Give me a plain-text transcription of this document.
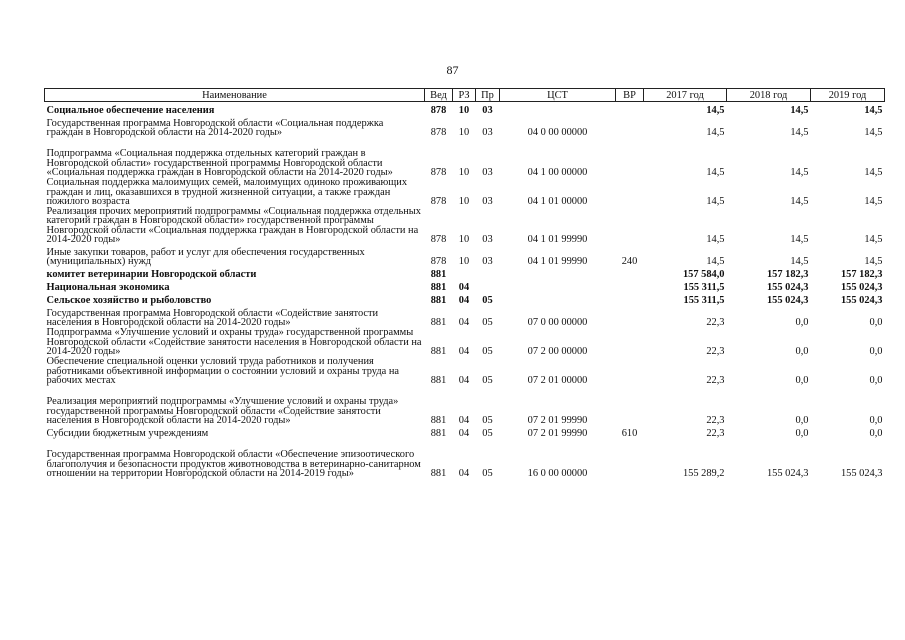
87
Наименование	Вед	РЗ	Пр	ЦСТ	ВР	2017 год	2018 год	2019 год
Социальное обеспечение населения	878	10	03			14,5	14,5	14,5
Государственная программа Новгородской области «Социальная поддержка граждан в Новгородской области на 2014-2020 годы»	878	10	03	04 0 00 00000		14,5	14,5	14,5
Подпрограмма «Социальная поддержка отдельных категорий граждан в Новгородской области» государственной программы Новгородской области «Социальная поддержка граждан в Новгородской области на 2014-2020 годы»	878	10	03	04 1 00 00000		14,5	14,5	14,5
Социальная поддержка малоимущих семей, малоимущих одиноко проживающих граждан и лиц, оказавшихся в трудной жизненной ситуации, а также граждан пожилого возраста	878	10	03	04 1 01 00000		14,5	14,5	14,5
Реализация прочих мероприятий подпрограммы «Социальная поддержка отдельных категорий граждан в Новгородской области» государственной программы Новгородской области «Социальная поддержка граждан в Новгородской области на 2014-2020 годы»	878	10	03	04 1 01 99990		14,5	14,5	14,5
Иные закупки товаров, работ и услуг для обеспечения государственных (муниципальных) нужд	878	10	03	04 1 01 99990	240	14,5	14,5	14,5
комитет ветеринарии Новгородской области	881					157 584,0	157 182,3	157 182,3
Национальная экономика	881	04				155 311,5	155 024,3	155 024,3
Сельское хозяйство и рыболовство	881	04	05			155 311,5	155 024,3	155 024,3
Государственная программа Новгородской области «Содействие занятости населения в Новгородской области на 2014-2020 годы»	881	04	05	07 0 00 00000		22,3	0,0	0,0
Подпрограмма «Улучшение условий и охраны труда» государственной программы Новгородской области «Содействие занятости населения в Новгородской области на 2014-2020 годы»	881	04	05	07 2 00 00000		22,3	0,0	0,0
Обеспечение специальной оценки условий труда работников и получения работниками объективной информации о состоянии условий и охраны труда на рабочих местах	881	04	05	07 2 01 00000		22,3	0,0	0,0
Реализация мероприятий подпрограммы «Улучшение условий и охраны труда» государственной программы Новгородской области «Содействие занятости населения в Новгородской области на 2014-2020 годы»	881	04	05	07 2 01 99990		22,3	0,0	0,0
Субсидии бюджетным учреждениям	881	04	05	07 2 01 99990	610	22,3	0,0	0,0
Государственная программа Новгородской области «Обеспечение эпизоотического благополучия и безопасности продуктов животноводства в ветеринарно-санитарном отношении на территории Новгородской области на 2014-2019 годы»	881	04	05	16 0 00 00000		155 289,2	155 024,3	155 024,3
